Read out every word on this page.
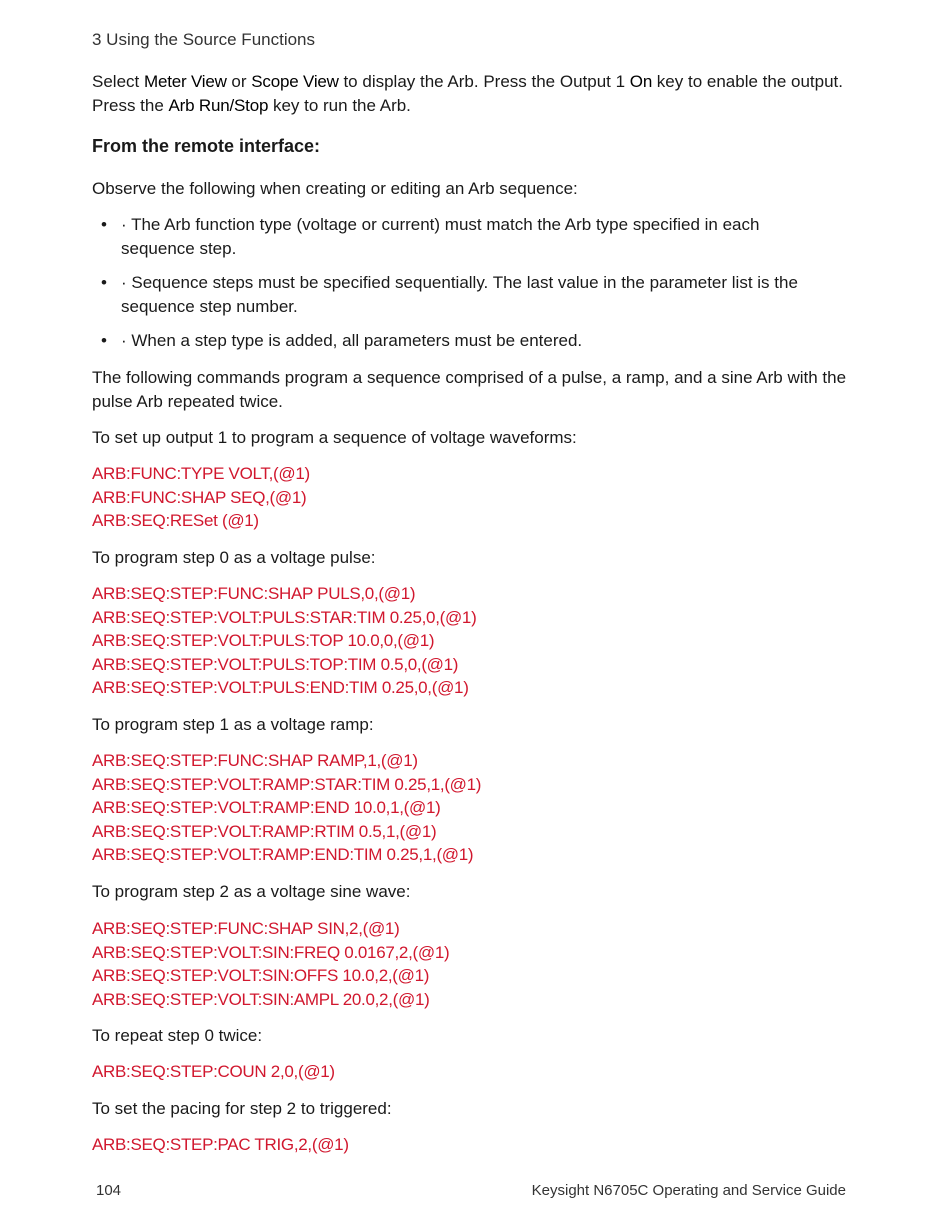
3 Using the Source Functions

Select Meter View or Scope View to display the Arb. Press the Output 1 On key to enable the output. Press the Arb Run/Stop key to run the Arb.

From the remote interface:

Observe the following when creating or editing an Arb sequence:

• · The Arb function type (voltage or current) must match the Arb type specified in each sequence step.
• · Sequence steps must be specified sequentially. The last value in the parameter list is the sequence step number.
• · When a step type is added, all parameters must be entered.

The following commands program a sequence comprised of a pulse, a ramp, and a sine Arb with the pulse Arb repeated twice.

To set up output 1 to program a sequence of voltage waveforms:
ARB:FUNC:TYPE VOLT,(@1)
ARB:FUNC:SHAP SEQ,(@1)
ARB:SEQ:RESet (@1)
To program step 0 as a voltage pulse:
ARB:SEQ:STEP:FUNC:SHAP PULS,0,(@1)
ARB:SEQ:STEP:VOLT:PULS:STAR:TIM 0.25,0,(@1)
ARB:SEQ:STEP:VOLT:PULS:TOP 10.0,0,(@1)
ARB:SEQ:STEP:VOLT:PULS:TOP:TIM 0.5,0,(@1)
ARB:SEQ:STEP:VOLT:PULS:END:TIM 0.25,0,(@1)
To program step 1 as a voltage ramp:
ARB:SEQ:STEP:FUNC:SHAP RAMP,1,(@1)
ARB:SEQ:STEP:VOLT:RAMP:STAR:TIM 0.25,1,(@1)
ARB:SEQ:STEP:VOLT:RAMP:END 10.0,1,(@1)
ARB:SEQ:STEP:VOLT:RAMP:RTIM 0.5,1,(@1)
ARB:SEQ:STEP:VOLT:RAMP:END:TIM 0.25,1,(@1)
To program step 2 as a voltage sine wave:
ARB:SEQ:STEP:FUNC:SHAP SIN,2,(@1)
ARB:SEQ:STEP:VOLT:SIN:FREQ 0.0167,2,(@1)
ARB:SEQ:STEP:VOLT:SIN:OFFS 10.0,2,(@1)
ARB:SEQ:STEP:VOLT:SIN:AMPL 20.0,2,(@1)
To repeat step 0 twice:
ARB:SEQ:STEP:COUN 2,0,(@1)
To set the pacing for step 2 to triggered:
ARB:SEQ:STEP:PAC TRIG,2,(@1)
104	Keysight N6705C Operating and Service Guide
